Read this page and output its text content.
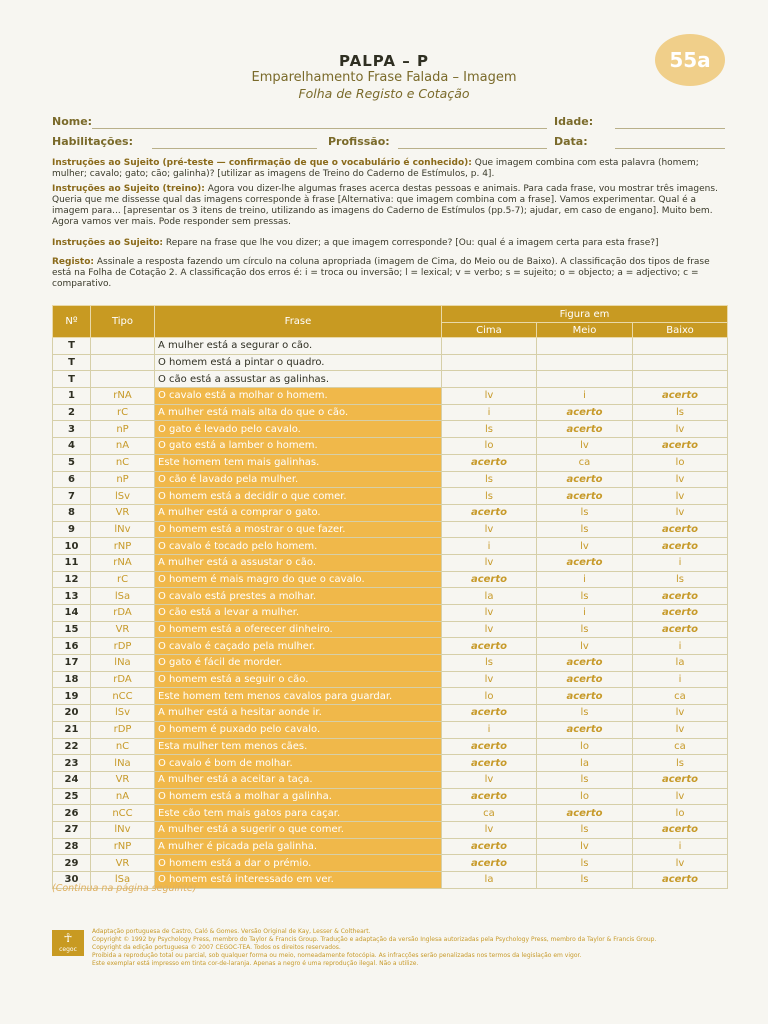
55a
PALPA – P
Emparelhamento Frase Falada – Imagem
Folha de Registo e Cotação
Nome:	Idade:
Habilitações:	Profissão:	Data:
Instruções ao Sujeito (pré-teste — confirmação de que o vocabulário é conhecido): Que imagem combina com esta palavra (homem; mulher; cavalo; gato; cão; galinha)? [utilizar as imagens de Treino do Caderno de Estímulos, p. 4].
Instruções ao Sujeito (treino): Agora vou dizer-lhe algumas frases acerca destas pessoas e animais. Para cada frase, vou mostrar três imagens. Queria que me dissesse qual das imagens corresponde à frase [Alternativa: que imagem combina com a frase]. Vamos experimentar. Qual é a imagem para... [apresentar os 3 itens de treino, utilizando as imagens do Caderno de Estímulos (pp.5-7); ajudar, em caso de engano]. Muito bem. Agora vamos ver mais. Pode responder sem pressas.
Instruções ao Sujeito: Repare na frase que lhe vou dizer; a que imagem corresponde? [Ou: qual é a imagem certa para esta frase?]
Registo: Assinale a resposta fazendo um círculo na coluna apropriada (imagem de Cima, do Meio ou de Baixo). A classificação dos tipos de frase está na Folha de Cotação 2. A classificação dos erros é: i = troca ou inversão; l = lexical; v = verbo; s = sujeito; o = objecto; a = adjectivo; c = comparativo.
Nº	Tipo	Frase	Figura em		
			Cima	Meio	Baixo
T		A mulher está a segurar o cão.			
T		O homem está a pintar o quadro.			
T		O cão está a assustar as galinhas.			
1	rNA	O cavalo está a molhar o homem.	lv	i	acerto
2	rC	A mulher está mais alta do que o cão.	i	acerto	ls
3	nP	O gato é levado pelo cavalo.	ls	acerto	lv
4	nA	O gato está a lamber o homem.	lo	lv	acerto
5	nC	Este homem tem mais galinhas.	acerto	ca	lo
6	nP	O cão é lavado pela mulher.	ls	acerto	lv
7	lSv	O homem está a decidir o que comer.	ls	acerto	lv
8	VR	A mulher está a comprar o gato.	acerto	ls	lv
9	lNv	O homem está a mostrar o que fazer.	lv	ls	acerto
10	rNP	O cavalo é tocado pelo homem.	i	lv	acerto
11	rNA	A mulher está a assustar o cão.	lv	acerto	i
12	rC	O homem é mais magro do que o cavalo.	acerto	i	ls
13	lSa	O cavalo está prestes a molhar.	la	ls	acerto
14	rDA	O cão está a levar a mulher.	lv	i	acerto
15	VR	O homem está a oferecer dinheiro.	lv	ls	acerto
16	rDP	O cavalo é caçado pela mulher.	acerto	lv	i
17	lNa	O gato é fácil de morder.	ls	acerto	la
18	rDA	O homem está a seguir o cão.	lv	acerto	i
19	nCC	Este homem tem menos cavalos para guardar.	lo	acerto	ca
20	lSv	A mulher está a hesitar aonde ir.	acerto	ls	lv
21	rDP	O homem é puxado pelo cavalo.	i	acerto	lv
22	nC	Esta mulher tem menos cães.	acerto	lo	ca
23	lNa	O cavalo é bom de molhar.	acerto	la	ls
24	VR	A mulher está a aceitar a taça.	lv	ls	acerto
25	nA	O homem está a molhar a galinha.	acerto	lo	lv
26	nCC	Este cão tem mais gatos para caçar.	ca	acerto	lo
27	lNv	A mulher está a sugerir o que comer.	lv	ls	acerto
28	rNP	A mulher é picada pela galinha.	acerto	lv	i
29	VR	O homem está a dar o prémio.	acerto	ls	lv
30	lSa	O homem está interessado em ver.	la	ls	acerto
(Continua na página seguinte)
☥
cegoc
Adaptação portuguesa de Castro, Caló & Gomes. Versão Original de Kay, Lesser & Coltheart.
Copyright © 1992 by Psychology Press, membro do Taylor & Francis Group. Tradução e adaptação da versão Inglesa autorizadas pela Psychology Press, membro da Taylor & Francis Group.
Copyright da edição portuguesa © 2007 CEGOC-TEA. Todos os direitos reservados.
Proibida a reprodução total ou parcial, sob qualquer forma ou meio, nomeadamente fotocópia. As infracções serão penalizadas nos termos da legislação em vigor.
Este exemplar está impresso em tinta cor-de-laranja. Apenas a negro é uma reprodução ilegal. Não a utilize.
